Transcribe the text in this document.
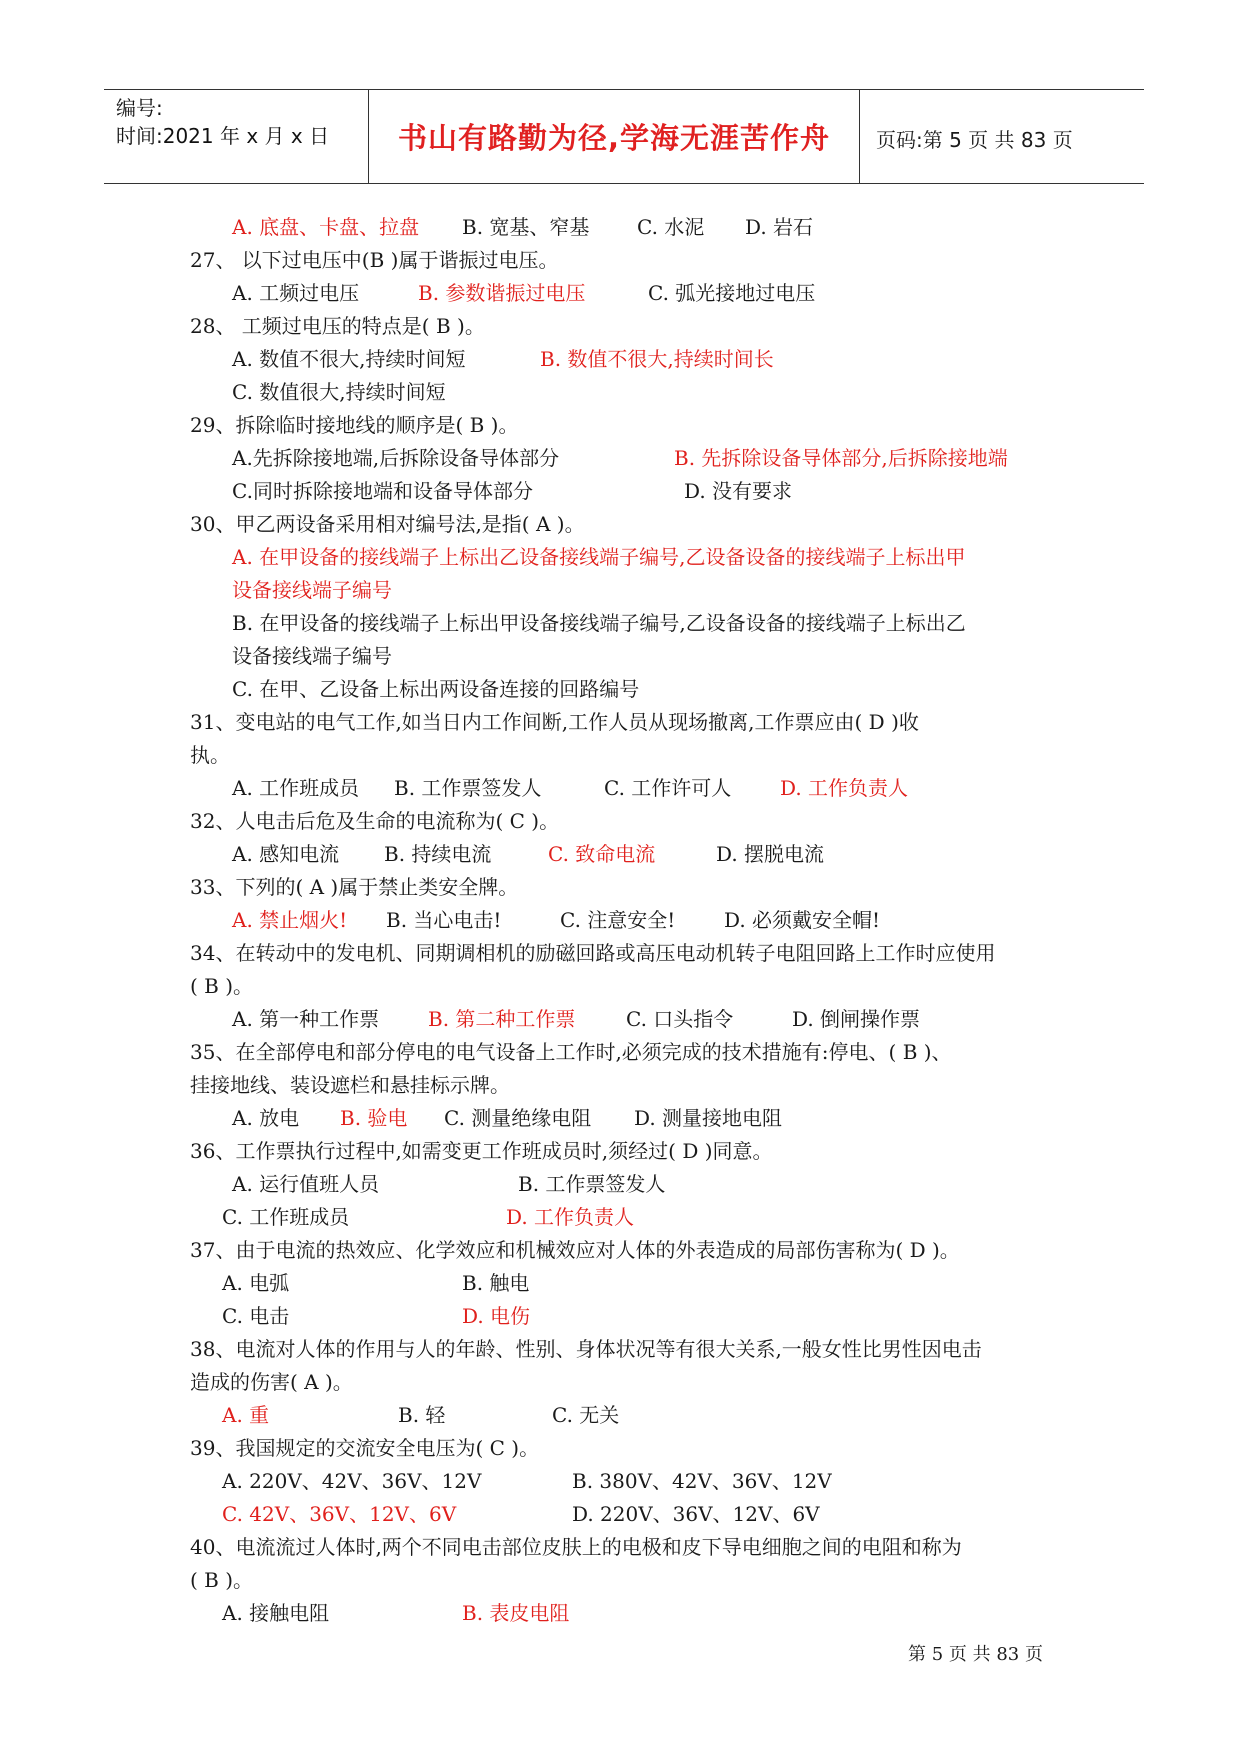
编号:
时间:2021 年 x 月 x 日	书山有路勤为径,学海无涯苦作舟	页码:第 5 页 共 83 页
A. 底盘、卡盘、拉盘 B. 宽基、窄基 C. 水泥 D. 岩石
27、 以下过电压中(B )属于谐振过电压。
A. 工频过电压	B. 参数谐振过电压	C. 弧光接地过电压
28、 工频过电压的特点是( B )。
A. 数值不很大,持续时间短	B. 数值不很大,持续时间长
C. 数值很大,持续时间短
29、拆除临时接地线的顺序是( B )。
A.先拆除接地端,后拆除设备导体部分	B. 先拆除设备导体部分,后拆除接地端
C.同时拆除接地端和设备导体部分	D. 没有要求
30、甲乙两设备采用相对编号法,是指( A )。
A. 在甲设备的接线端子上标出乙设备接线端子编号,乙设备设备的接线端子上标出甲
设备接线端子编号
B. 在甲设备的接线端子上标出甲设备接线端子编号,乙设备设备的接线端子上标出乙
设备接线端子编号
C. 在甲、乙设备上标出两设备连接的回路编号
31、变电站的电气工作,如当日内工作间断,工作人员从现场撤离,工作票应由( D )收
执。
A. 工作班成员 B. 工作票签发人	C. 工作许可人 D. 工作负责人
32、人电击后危及生命的电流称为( C )。
A. 感知电流 B. 持续电流	C. 致命电流	D. 摆脱电流
33、下列的( A )属于禁止类安全牌。
A. 禁止烟火! B. 当心电击!	C. 注意安全! D. 必须戴安全帽!
34、在转动中的发电机、同期调相机的励磁回路或高压电动机转子电阻回路上工作时应使用
( B )。
A. 第一种工作票 B. 第二种工作票	C. 口头指令	D. 倒闸操作票
35、在全部停电和部分停电的电气设备上工作时,必须完成的技术措施有:停电、( B )、
挂接地线、装设遮栏和悬挂标示牌。
A. 放电 B. 验电 C. 测量绝缘电阻 D. 测量接地电阻
36、工作票执行过程中,如需变更工作班成员时,须经过( D )同意。
A. 运行值班人员	B. 工作票签发人
C. 工作班成员	D. 工作负责人
37、由于电流的热效应、化学效应和机械效应对人体的外表造成的局部伤害称为( D )。
A. 电弧	B. 触电
C. 电击	D. 电伤
38、电流对人体的作用与人的年龄、性别、身体状况等有很大关系,一般女性比男性因电击
造成的伤害( A )。
A. 重	B. 轻	C. 无关
39、我国规定的交流安全电压为( C )。
A. 220V、42V、36V、12V	B. 380V、42V、36V、12V
C. 42V、36V、12V、6V	D. 220V、36V、12V、6V
40、电流流过人体时,两个不同电击部位皮肤上的电极和皮下导电细胞之间的电阻和称为
( B )。
A. 接触电阻	B. 表皮电阻
第 5 页 共 83 页
